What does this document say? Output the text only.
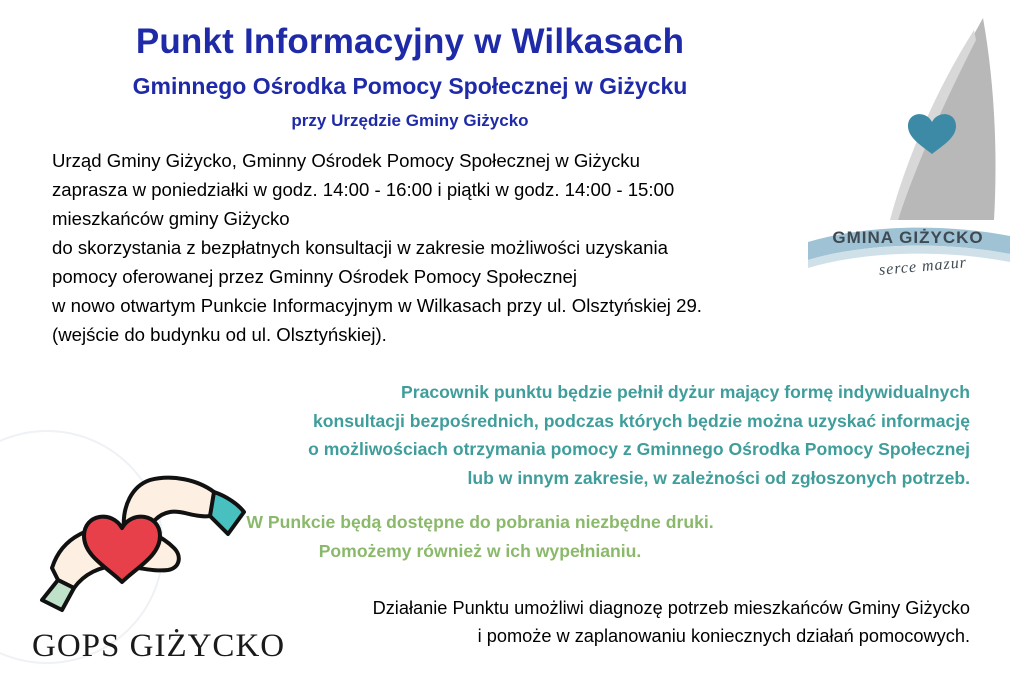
GMINA GIŻYCKO
serce mazur
Punkt Informacyjny w Wilkasach
Gminnego Ośrodka Pomocy Społecznej w Giżycku
przy Urzędzie Gminy Giżycko
Urząd Gminy Giżycko, Gminny Ośrodek Pomocy Społecznej w Giżycku
zaprasza w poniedziałki w godz. 14:00 - 16:00 i piątki w godz. 14:00 - 15:00
mieszkańców gminy Giżycko
do skorzystania z bezpłatnych konsultacji w zakresie możliwości uzyskania
pomocy oferowanej przez Gminny Ośrodek Pomocy Społecznej
w nowo otwartym Punkcie Informacyjnym w Wilkasach przy ul. Olsztyńskiej 29.
(wejście do budynku od ul. Olsztyńskiej).
Pracownik punktu będzie pełnił dyżur mający formę indywidualnych
konsultacji bezpośrednich, podczas których będzie można uzyskać informację
o możliwościach otrzymania pomocy z Gminnego Ośrodka Pomocy Społecznej
lub w innym zakresie, w zależności od zgłoszonych potrzeb.
W Punkcie będą dostępne do pobrania niezbędne druki.
Pomożemy również w ich wypełnianiu.
Działanie Punktu umożliwi diagnozę potrzeb mieszkańców Gminy Giżycko
i pomoże w zaplanowaniu koniecznych działań pomocowych.
GOPS GIŻYCKO
